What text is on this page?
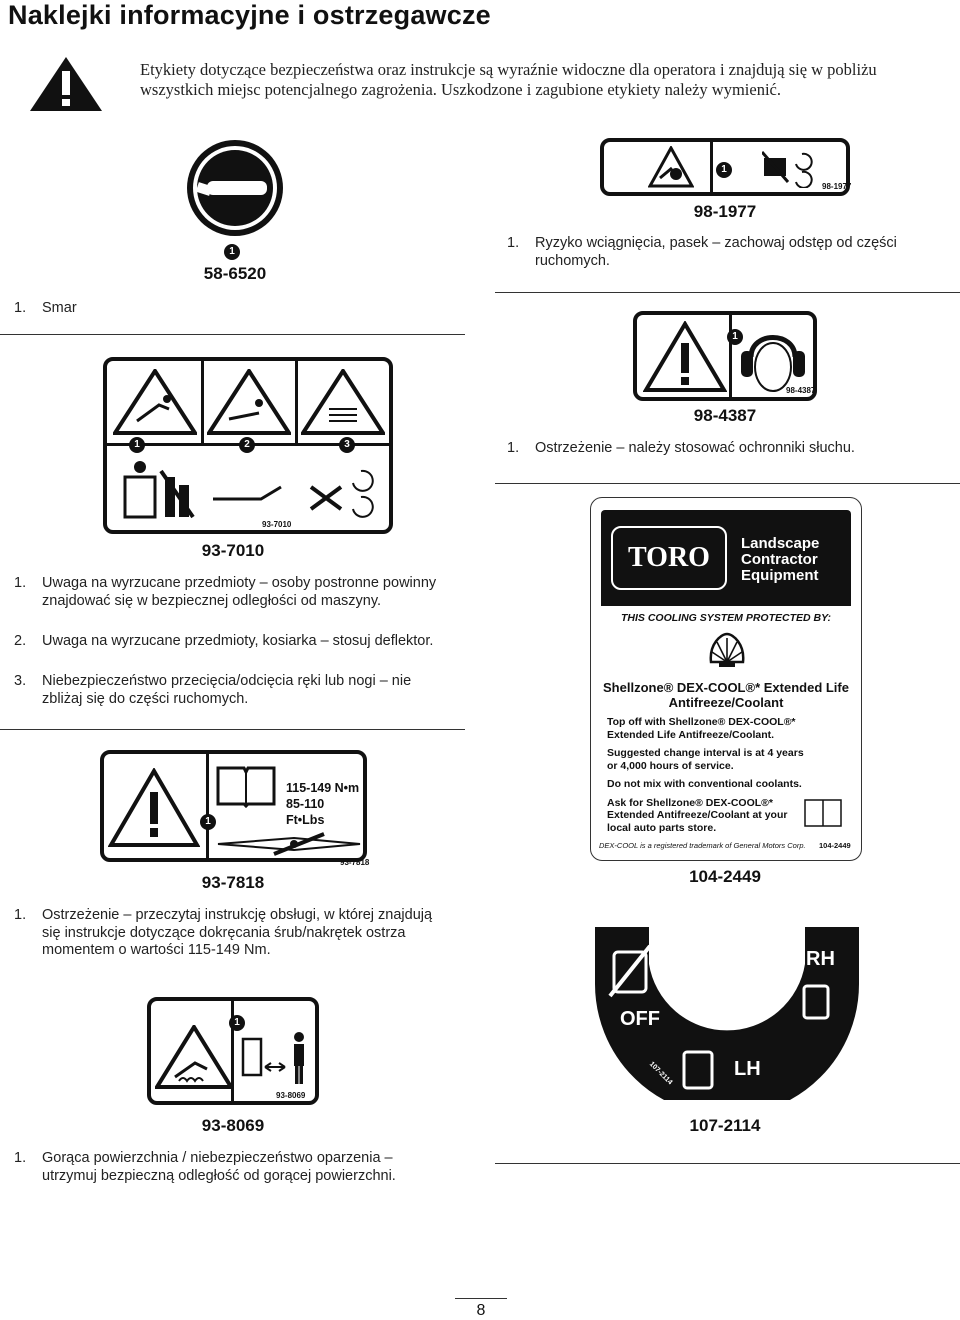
Naklejki informacyjne i ostrzegawcze
Etykiety dotyczące bezpieczeństwa oraz instrukcje są wyraźnie widoczne dla operatora i znajdują się w pobliżu wszystkich miejsc potencjalnego zagrożenia. Uszkodzone i zagubione etykiety należy wymienić.
1
58-6520
1. Smar
1
98-1977
98-1977
1. Ryzyko wciągnięcia, pasek – zachowaj odstęp od części ruchomych.
1
98-4387
98-4387
1. Ostrzeżenie – należy stosować ochronniki słuchu.
1	2	3
93-7010
93-7010
1. Uwaga na wyrzucane przedmioty – osoby postronne powinny znajdować się w bezpiecznej odległości od maszyny.
2. Uwaga na wyrzucane przedmioty, kosiarka – stosuj deflektor.
3. Niebezpieczeństwo przecięcia/odcięcia ręki lub nogi – nie zbliżaj się do części ruchomych.
TORO	Landscape
Contractor
Equipment
THIS COOLING SYSTEM PROTECTED BY:
Shellzone® DEX-COOL®* Extended Life
Antifreeze/Coolant
Top off with Shellzone® DEX-COOL®* Extended Life Antifreeze/Coolant.
Suggested change interval is at 4 years or 4,000 hours of service.
Do not mix with conventional coolants.
Ask for Shellzone® DEX-COOL®* Extended Antifreeze/Coolant at your local auto parts store.
DEX-COOL is a registered trademark of General Motors Corp. 104-2449
104-2449
1
115-149 N•m
85-110 Ft•Lbs
93-7818
93-7818
1. Ostrzeżenie – przeczytaj instrukcję obsługi, w której znajdują się instrukcje dotyczące dokręcania śrub/nakrętek ostrza momentem o wartości 115-149 Nm.	RH
OFF
LH
107-2114
107-2114
1
93-8069
93-8069
1. Gorąca powierzchnia / niebezpieczeństwo oparzenia – utrzymuj bezpieczną odległość od gorącej powierzchni.
8
